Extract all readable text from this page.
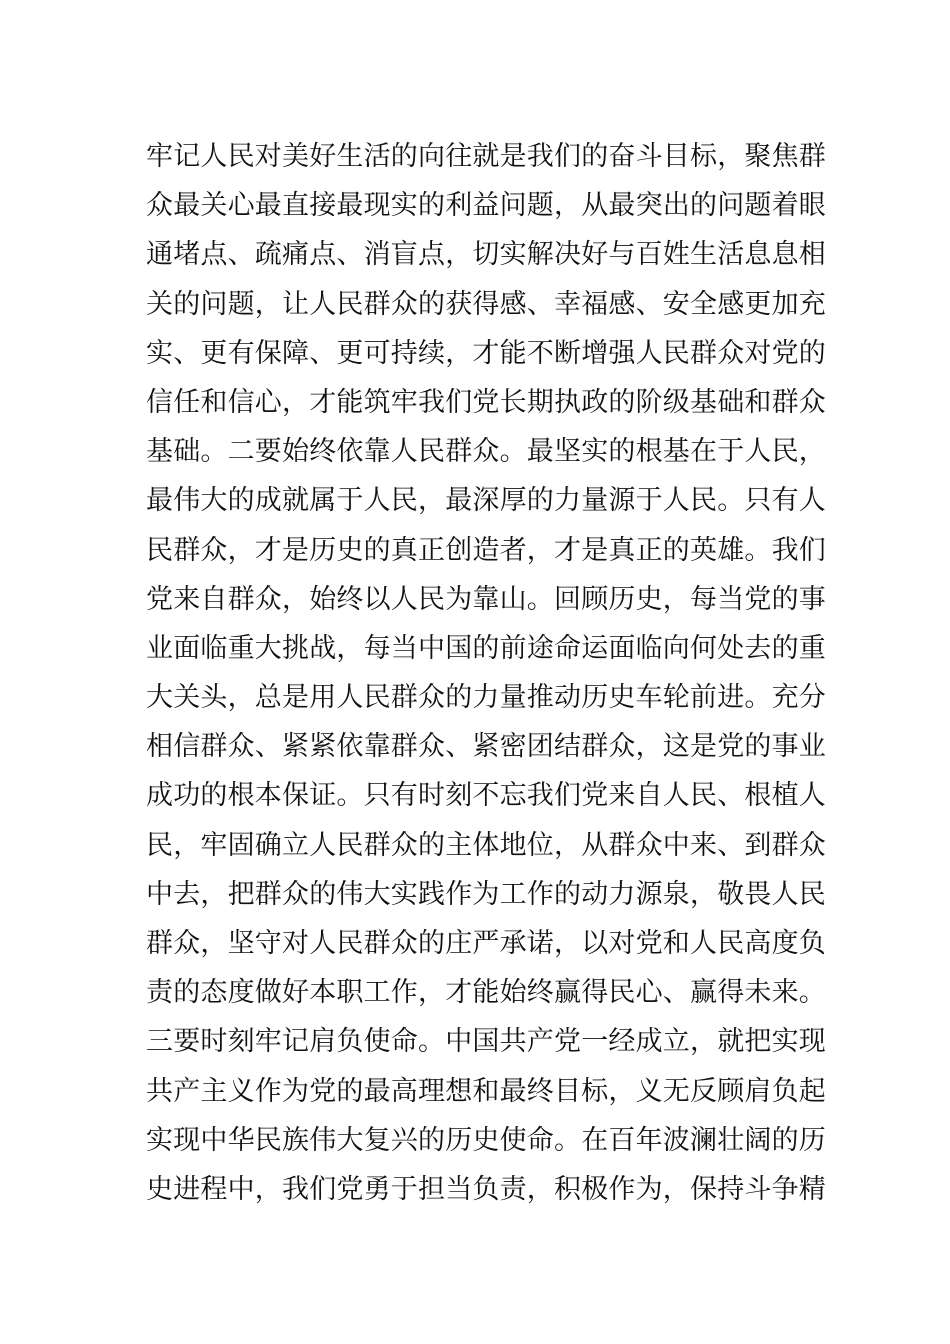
牢记人民对美好生活的向往就是我们的奋斗目标，聚焦群
众最关心最直接最现实的利益问题，从最突出的问题着眼
通堵点、疏痛点、消盲点，切实解决好与百姓生活息息相
关的问题，让人民群众的获得感、幸福感、安全感更加充
实、更有保障、更可持续，才能不断增强人民群众对党的
信任和信心，才能筑牢我们党长期执政的阶级基础和群众
基础。二要始终依靠人民群众。最坚实的根基在于人民，
最伟大的成就属于人民，最深厚的力量源于人民。只有人
民群众，才是历史的真正创造者，才是真正的英雄。我们
党来自群众，始终以人民为靠山。回顾历史，每当党的事
业面临重大挑战，每当中国的前途命运面临向何处去的重
大关头，总是用人民群众的力量推动历史车轮前进。充分
相信群众、紧紧依靠群众、紧密团结群众，这是党的事业
成功的根本保证。只有时刻不忘我们党来自人民、根植人
民，牢固确立人民群众的主体地位，从群众中来、到群众
中去，把群众的伟大实践作为工作的动力源泉，敬畏人民
群众，坚守对人民群众的庄严承诺，以对党和人民高度负
责的态度做好本职工作，才能始终赢得民心、赢得未来。
三要时刻牢记肩负使命。中国共产党一经成立，就把实现
共产主义作为党的最高理想和最终目标，义无反顾肩负起
实现中华民族伟大复兴的历史使命。在百年波澜壮阔的历
史进程中，我们党勇于担当负责，积极作为，保持斗争精
